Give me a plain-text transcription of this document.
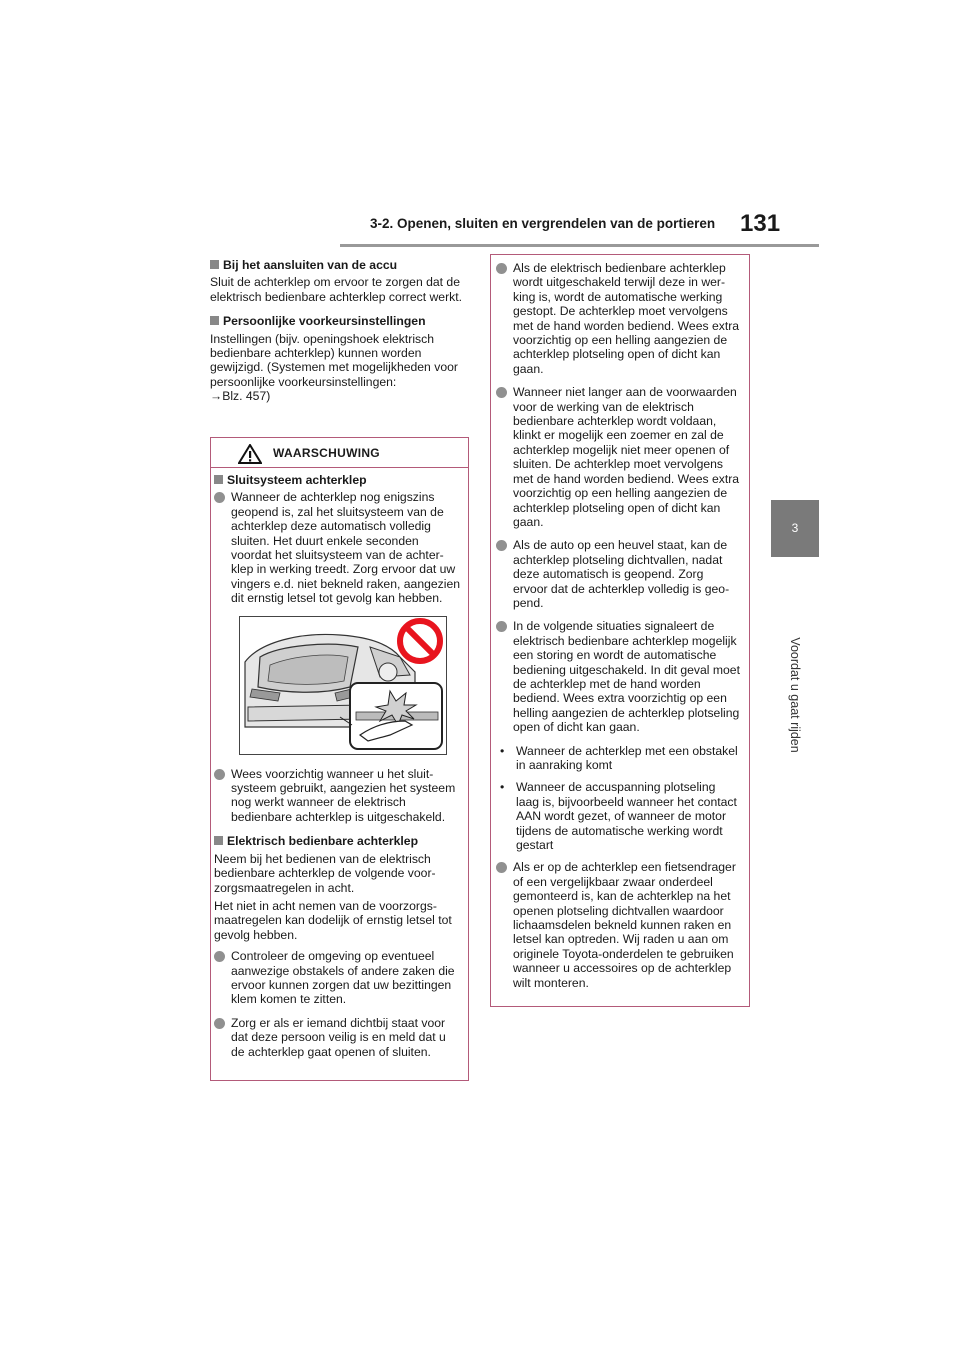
3-2. Openen, sluiten en vergrendelen van de portieren 131
3
Voordat u gaat rijden
Bij het aansluiten van de accu

Sluit de achterklep om ervoor te zorgen dat de elektrisch bedienbare achterklep correct werkt.

Persoonlijke voorkeursinstellingen

Instellingen (bijv. openingshoek elektrisch bedienbare achterklep) kunnen worden gewijzigd. (Systemen met mogelijkheden voor persoonlijke voorkeursinstellingen:
→Blz. 457)

WAARSCHUWING
Sluitsysteem achterklep
Wanneer de achterklep nog enigszins geopend is, zal het sluitsysteem van de achterklep deze automatisch volledig sluiten. Het duurt enkele seconden voordat het sluitsysteem van de achterklep in werking treedt. Zorg ervoor dat uw vingers e.d. niet bekneld raken, aangezien dit ernstig letsel tot gevolg kan hebben.
Wees voorzichtig wanneer u het sluitsysteem gebruikt, aangezien het systeem nog werkt wanneer de elektrisch bedienbare achterklep is uitgeschakeld.
Elektrisch bedienbare achterklep

Neem bij het bedienen van de elektrisch bedienbare achterklep de volgende voorzorgsmaatregelen in acht.

Het niet in acht nemen van de voorzorgsmaatregelen kan dodelijk of ernstig letsel tot gevolg hebben.

Controleer de omgeving op eventueel aanwezige obstakels of andere zaken die ervoor kunnen zorgen dat uw bezittingen klem komen te zitten.
Zorg er als er iemand dichtbij staat voor dat deze persoon veilig is en meld dat u de achterklep gaat openen of sluiten.
Als de elektrisch bedienbare achterklep wordt uitgeschakeld terwijl deze in werking is, wordt de automatische werking gestopt. De achterklep moet vervolgens met de hand worden bediend. Wees extra voorzichtig op een helling aangezien de achterklep plotseling open of dicht kan gaan.
Wanneer niet langer aan de voorwaarden voor de werking van de elektrisch bedienbare achterklep wordt voldaan, klinkt er mogelijk een zoemer en zal de achterklep mogelijk niet meer openen of sluiten. De achterklep moet vervolgens met de hand worden bediend. Wees extra voorzichtig op een helling aangezien de achterklep plotseling open of dicht kan gaan.
Als de auto op een heuvel staat, kan de achterklep plotseling dichtvallen, nadat deze automatisch is geopend. Zorg ervoor dat de achterklep volledig is geopend.
In de volgende situaties signaleert de elektrisch bedienbare achterklep mogelijk een storing en wordt de automatische bediening uitgeschakeld. In dit geval moet de achterklep met de hand worden bediend. Wees extra voorzichtig op een helling aangezien de achterklep plotseling open of dicht kan gaan.
• Wanneer de achterklep met een obstakel in aanraking komt
• Wanneer de accuspanning plotseling laag is, bijvoorbeeld wanneer het contact AAN wordt gezet, of wanneer de motor tijdens de automatische werking wordt gestart
Als er op de achterklep een fietsendrager of een vergelijkbaar zwaar onderdeel gemonteerd is, kan de achterklep na het openen plotseling dichtvallen waardoor lichaamsdelen bekneld kunnen raken en letsel kan optreden. Wij raden u aan om originele Toyota-onderdelen te gebruiken wanneer u accessoires op de achterklep wilt monteren.
